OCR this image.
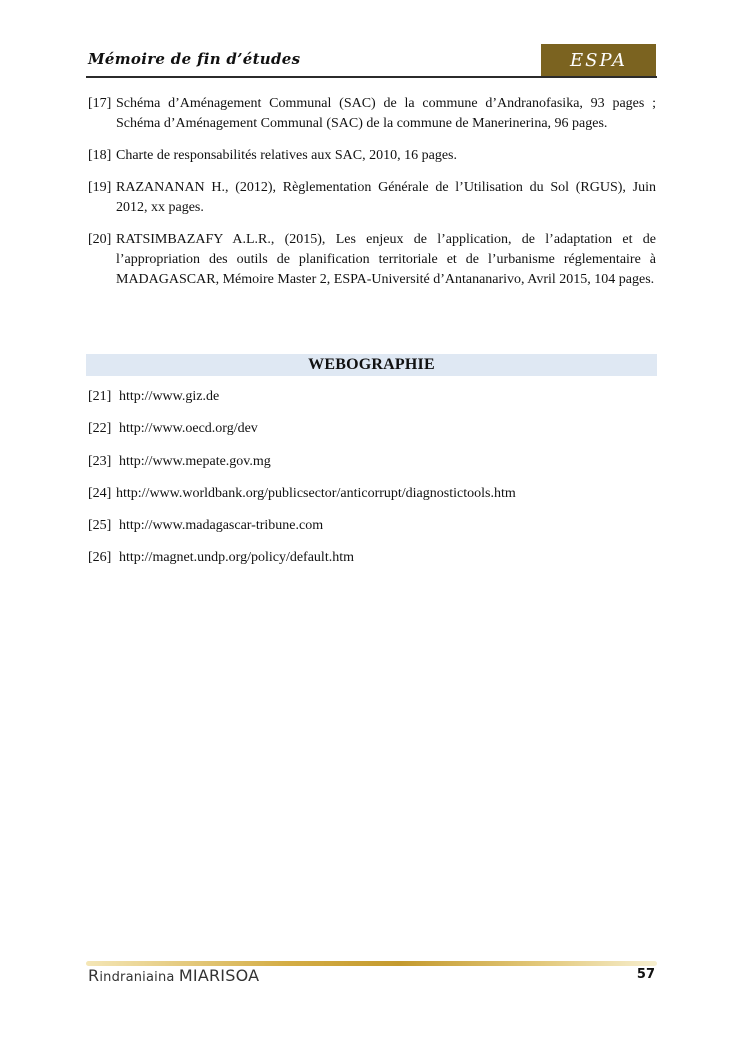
Mémoire de fin d’études	ESPA
[17] Schéma d’Aménagement Communal (SAC) de la commune d’Andranofasika, 93 pages ; Schéma d’Aménagement Communal (SAC) de la commune de Manerinerina, 96 pages.
[18] Charte de responsabilités relatives aux SAC, 2010, 16 pages.
[19] RAZANANAN H., (2012), Règlementation Générale de l’Utilisation du Sol (RGUS), Juin 2012, xx pages.
[20] RATSIMBAZAFY A.L.R., (2015), Les enjeux de l’application, de l’adaptation et de l’appropriation des outils de planification territoriale et de l’urbanisme réglementaire à MADAGASCAR, Mémoire Master 2, ESPA-Université d’Antananarivo, Avril 2015, 104 pages.
WEBOGRAPHIE
[21] http://www.giz.de
[22] http://www.oecd.org/dev
[23] http://www.mepate.gov.mg
[24] http://www.worldbank.org/publicsector/anticorrupt/diagnostictools.htm
[25] http://www.madagascar-tribune.com
[26] http://magnet.undp.org/policy/default.htm
Rindraniaina MIARISOA	57
